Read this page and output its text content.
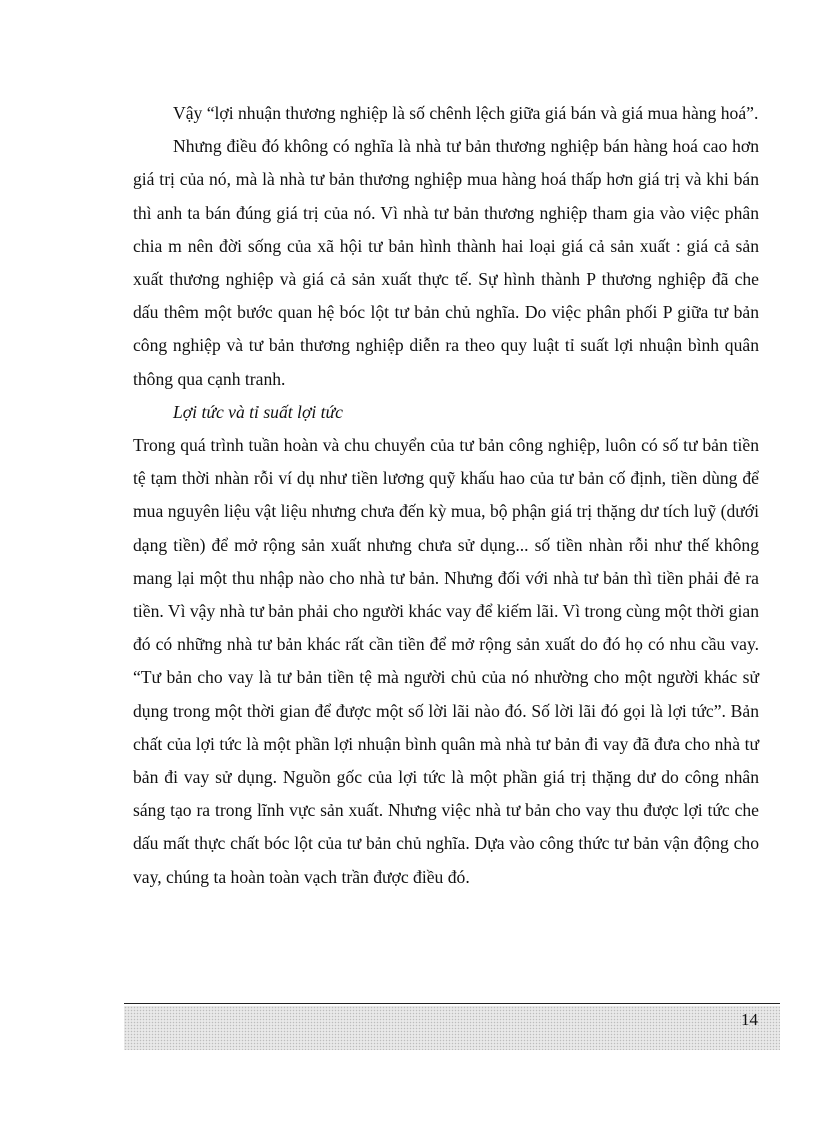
Vậy “lợi nhuận thương nghiệp là số chênh lệch giữa giá bán và giá mua hàng hoá”.

Nhưng điều đó không có nghĩa là nhà tư bản thương nghiệp bán hàng hoá cao hơn giá trị của nó, mà là nhà tư bản thương nghiệp mua hàng hoá thấp hơn giá trị và khi bán thì anh ta bán đúng giá trị của nó. Vì nhà tư bản thương nghiệp tham gia vào việc phân chia m nên đời sống của xã hội tư bản hình thành hai loại giá cả sản xuất : giá cả sản xuất thương nghiệp và giá cả sản xuất thực tế. Sự hình thành P thương nghiệp đã che dấu thêm một bước quan hệ bóc lột tư bản chủ nghĩa. Do việc phân phối P giữa tư bản công nghiệp và tư bản thương nghiệp diễn ra theo quy luật tỉ suất lợi nhuận bình quân thông qua cạnh tranh.

Lợi tức và tỉ suất lợi tức

Trong quá trình tuần hoàn và chu chuyển của tư bản công nghiệp, luôn có số tư bản tiền tệ tạm thời nhàn rỗi ví dụ như tiền lương quỹ khấu hao của tư bản cố định, tiền dùng để mua nguyên liệu vật liệu nhưng chưa đến kỳ mua, bộ phận giá trị thặng dư tích luỹ (dưới dạng tiền) để mở rộng sản xuất nhưng chưa sử dụng... số tiền nhàn rỗi như thế không mang lại một thu nhập nào cho nhà tư bản. Nhưng đối với nhà tư bản thì tiền phải đẻ ra tiền. Vì vậy nhà tư bản phải cho người khác vay để kiếm lãi. Vì trong cùng một thời gian đó có những nhà tư bản khác rất cần tiền để mở rộng sản xuất do đó họ có nhu cầu vay. “Tư bản cho vay là tư bản tiền tệ mà người chủ của nó nhường cho một người khác sử dụng trong một thời gian để được một số lời lãi nào đó. Số lời lãi đó gọi là lợi tức”. Bản chất của lợi tức là một phần lợi nhuận bình quân mà nhà tư bản đi vay đã đưa cho nhà tư bản đi vay sử dụng. Nguồn gốc của lợi tức là một phần giá trị thặng dư do công nhân sáng tạo ra trong lĩnh vực sản xuất. Nhưng việc nhà tư bản cho vay thu được lợi tức che dấu mất thực chất bóc lột của tư bản chủ nghĩa. Dựa vào công thức tư bản vận động cho vay, chúng ta hoàn toàn vạch trần được điều đó.

14
